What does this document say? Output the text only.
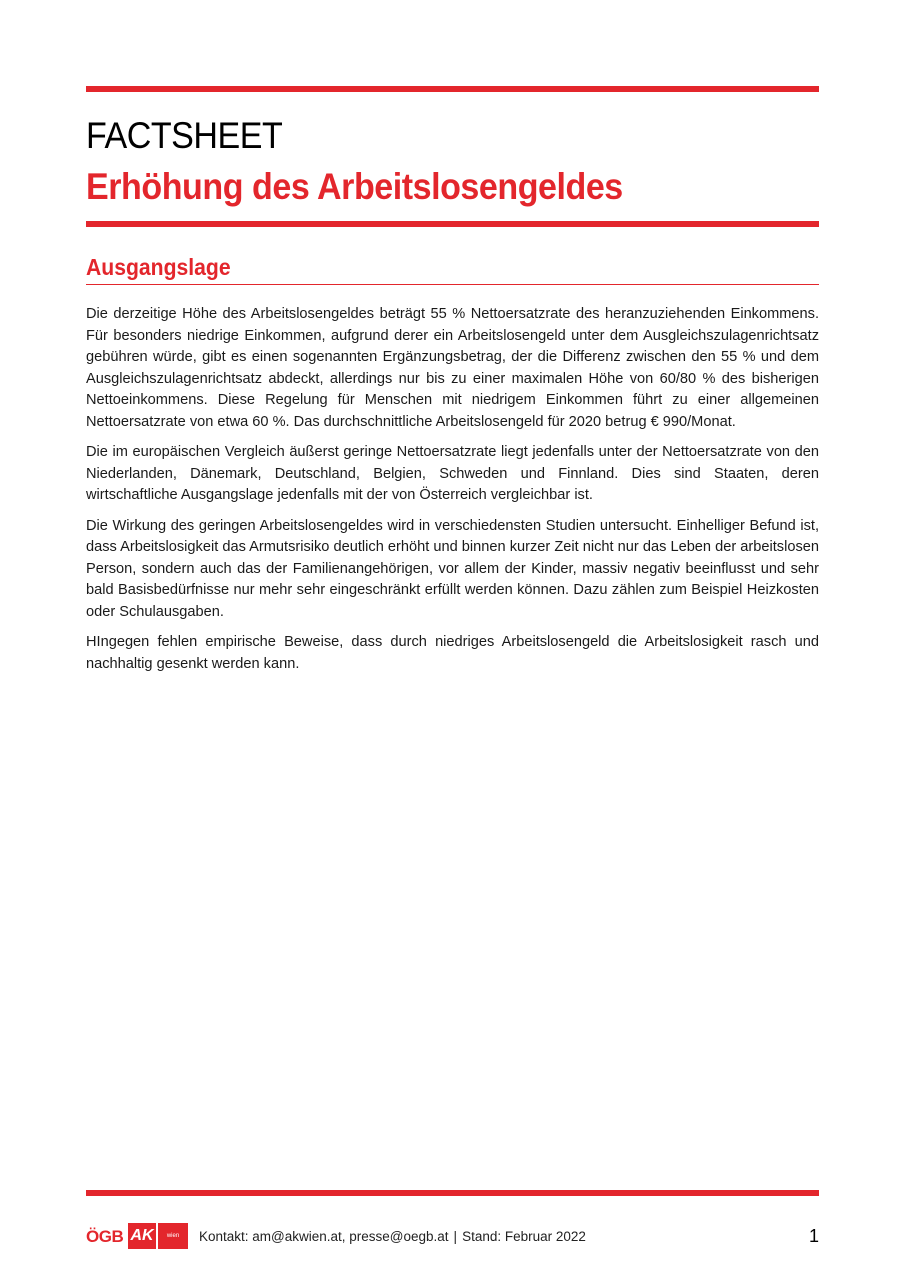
FACTSHEET
Erhöhung des Arbeitslosengeldes
Ausgangslage

Die derzeitige Höhe des Arbeitslosengeldes beträgt 55 % Nettoersatzrate des heranzuziehenden Einkommens. Für besonders niedrige Einkommen, aufgrund derer ein Arbeitslosengeld unter dem Ausgleichszulagenrichtsatz gebühren würde, gibt es einen sogenannten Ergänzungsbetrag, der die Differenz zwischen den 55 % und dem Ausgleichszulagenrichtsatz abdeckt, allerdings nur bis zu einer maximalen Höhe von 60/80 % des bisherigen Nettoeinkommens. Diese Regelung für Menschen mit niedrigem Einkommen führt zu einer allgemeinen Nettoersatzrate von etwa 60 %. Das durchschnittliche Arbeitslosengeld für 2020 betrug € 990/Monat.

Die im europäischen Vergleich äußerst geringe Nettoersatzrate liegt jedenfalls unter der Nettoersatzrate von den Niederlanden, Dänemark, Deutschland, Belgien, Schweden und Finnland. Dies sind Staaten, deren wirtschaftliche Ausgangslage jedenfalls mit der von Österreich vergleichbar ist.

Die Wirkung des geringen Arbeitslosengeldes wird in verschiedensten Studien untersucht. Einhelliger Befund ist, dass Arbeitslosigkeit das Armutsrisiko deutlich erhöht und binnen kurzer Zeit nicht nur das Leben der arbeitslosen Person, sondern auch das der Familienangehörigen, vor allem der Kinder, massiv negativ beeinflusst und sehr bald Basisbedürfnisse nur mehr sehr eingeschränkt erfüllt werden können. Dazu zählen zum Beispiel Heizkosten oder Schulausgaben.

HIngegen fehlen empirische Beweise, dass durch niedriges Arbeitslosengeld die Arbeitslosigkeit rasch und nachhaltig gesenkt werden kann.

ÖGB AK	wien	Kontakt: am@akwien.at, presse@oegb.at | Stand: Februar 2022	1
